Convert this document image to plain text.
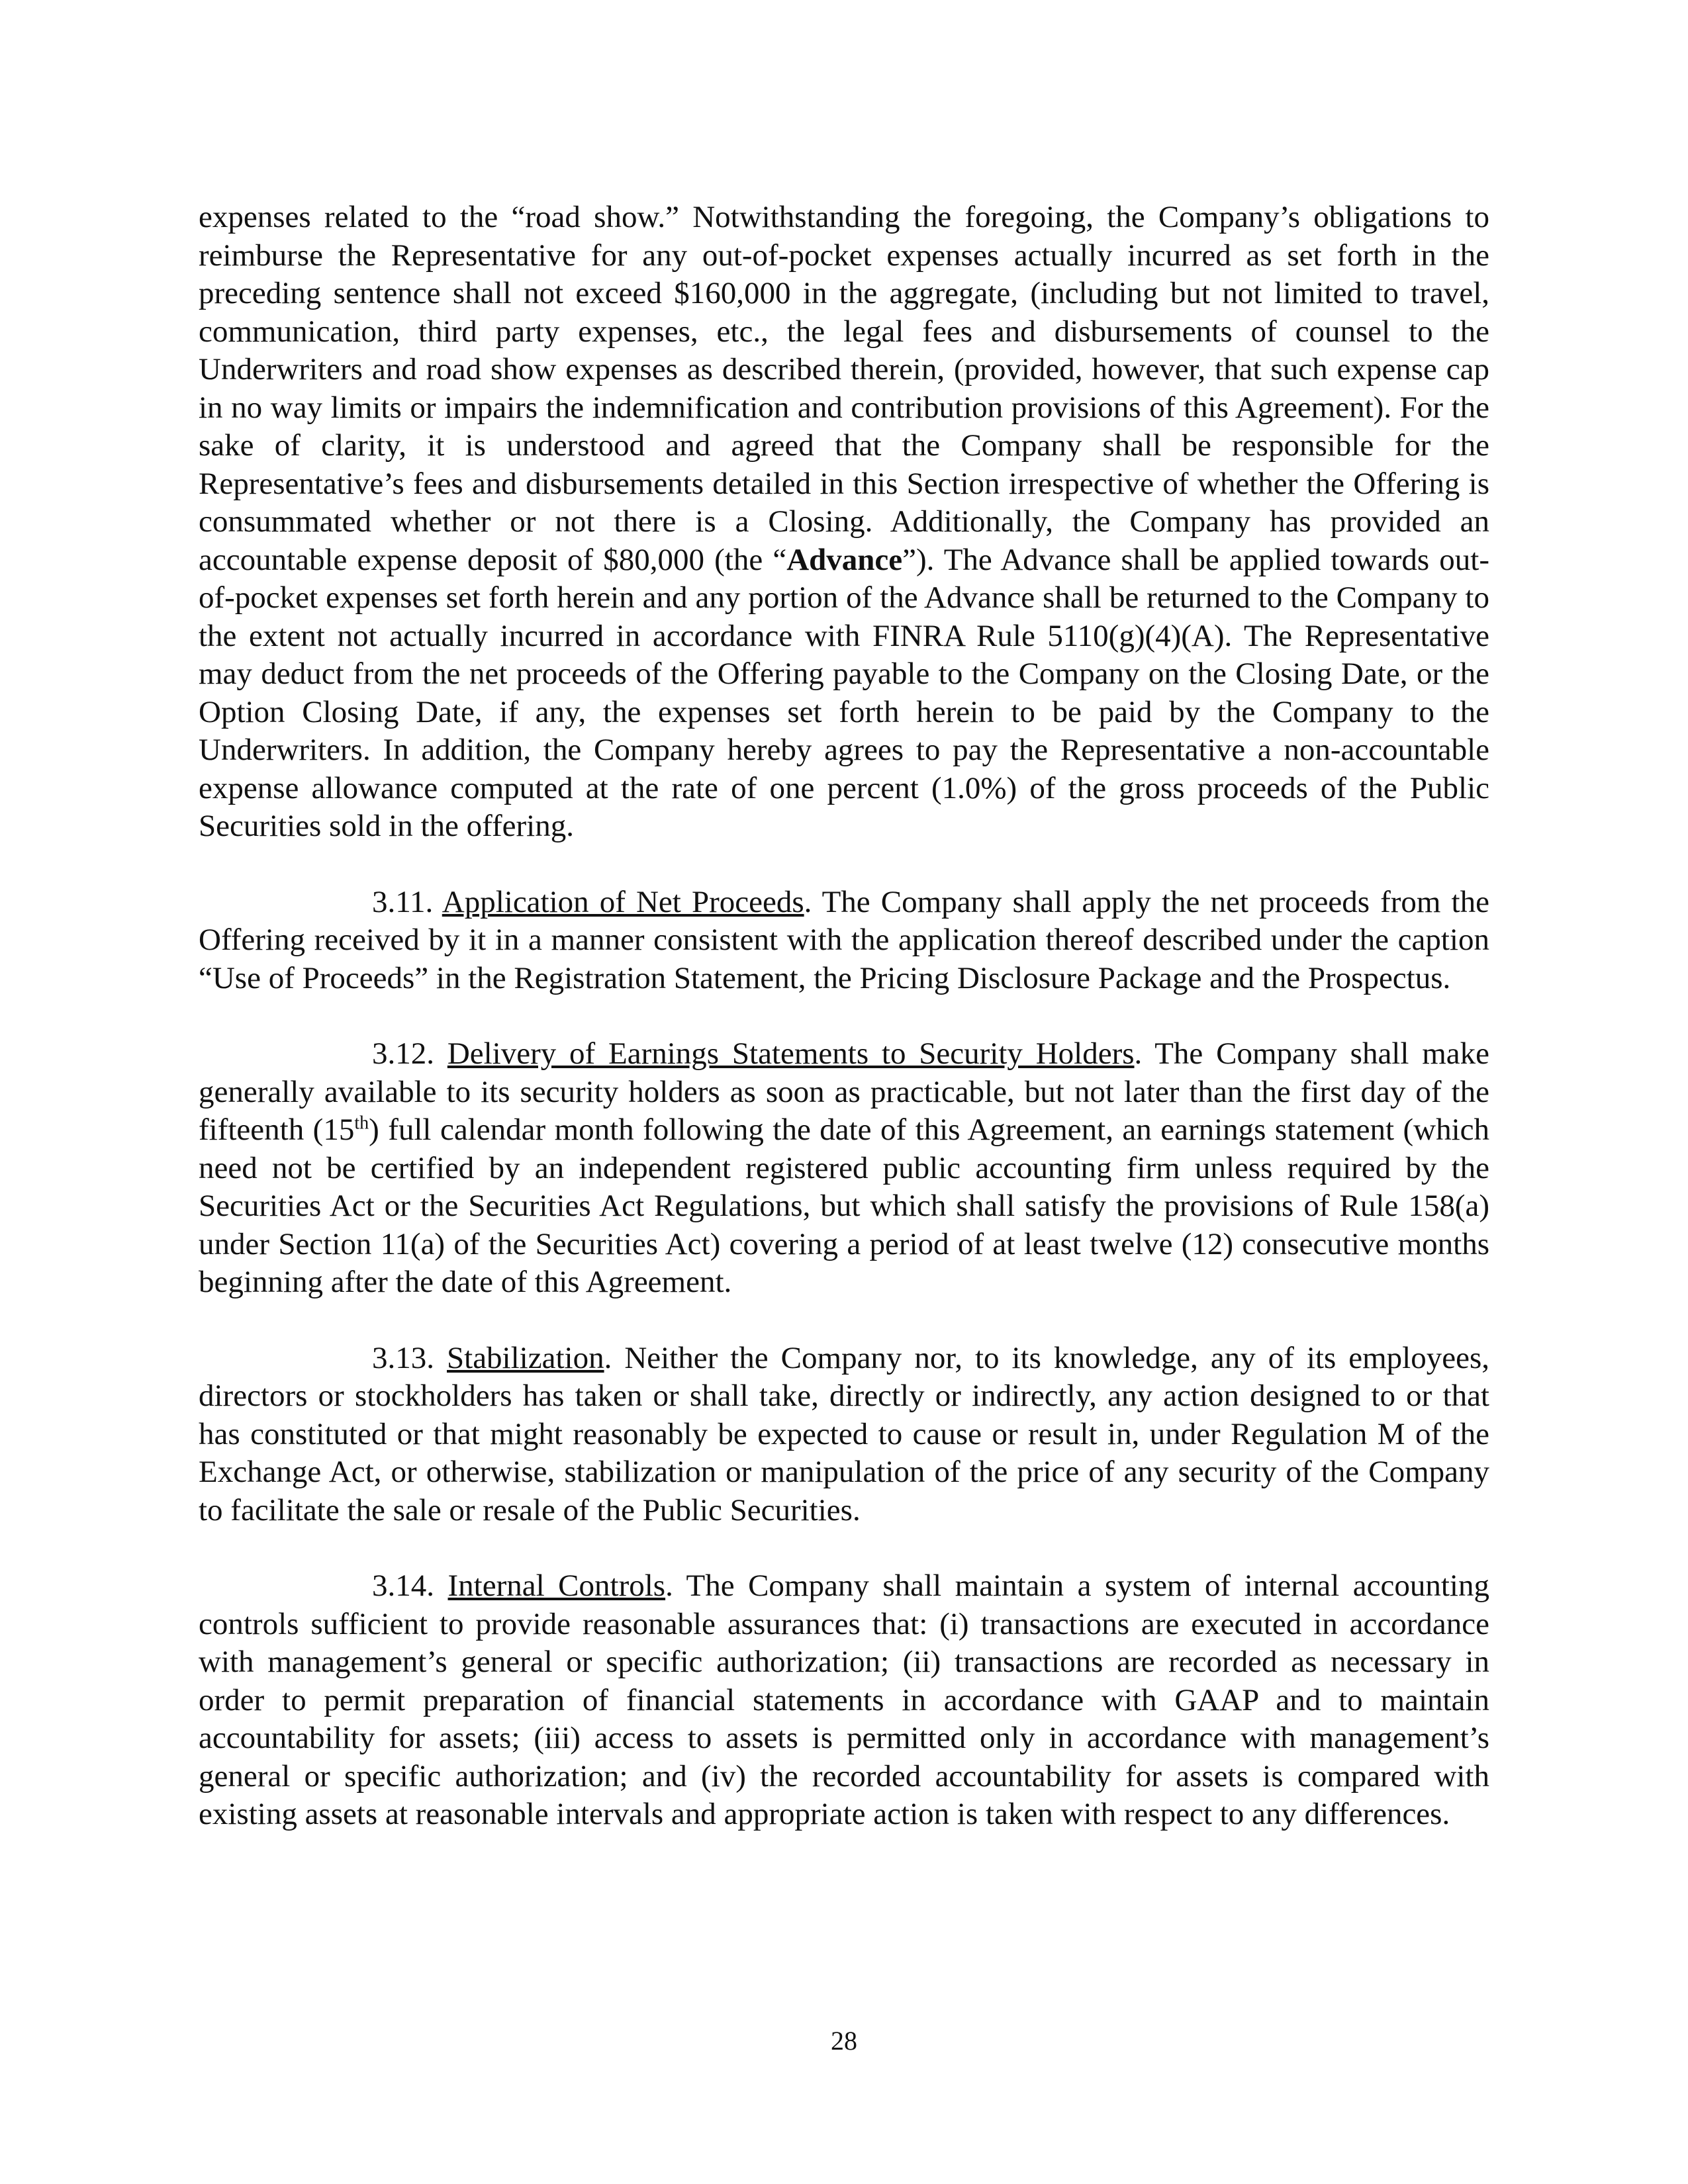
expenses related to the “road show.” Notwithstanding the foregoing, the Company’s obligations to reimburse the Representative for any out-of-pocket expenses actually incurred as set forth in the preceding sentence shall not exceed $160,000 in the aggregate, (including but not limited to travel, communication, third party expenses, etc., the legal fees and disbursements of counsel to the Underwriters and road show expenses as described therein, (provided, however, that such expense cap in no way limits or impairs the indemnification and contribution provisions of this Agreement). For the sake of clarity, it is understood and agreed that the Company shall be responsible for the Representative’s fees and disbursements detailed in this Section irrespective of whether the Offering is consummated whether or not there is a Closing. Additionally, the Company has provided an accountable expense deposit of $80,000 (the “Advance”). The Advance shall be applied towards out-of-pocket expenses set forth herein and any portion of the Advance shall be returned to the Company to the extent not actually incurred in accordance with FINRA Rule 5110(g)(4)(A). The Representative may deduct from the net proceeds of the Offering payable to the Company on the Closing Date, or the Option Closing Date, if any, the expenses set forth herein to be paid by the Company to the Underwriters. In addition, the Company hereby agrees to pay the Representative a non-accountable expense allowance computed at the rate of one percent (1.0%) of the gross proceeds of the Public Securities sold in the offering.

3.11. Application of Net Proceeds. The Company shall apply the net proceeds from the Offering received by it in a manner consistent with the application thereof described under the caption “Use of Proceeds” in the Registration Statement, the Pricing Disclosure Package and the Prospectus.

3.12. Delivery of Earnings Statements to Security Holders. The Company shall make generally available to its security holders as soon as practicable, but not later than the first day of the fifteenth (15th) full calendar month following the date of this Agreement, an earnings statement (which need not be certified by an independent registered public accounting firm unless required by the Securities Act or the Securities Act Regulations, but which shall satisfy the provisions of Rule 158(a) under Section 11(a) of the Securities Act) covering a period of at least twelve (12) consecutive months beginning after the date of this Agreement.

3.13. Stabilization. Neither the Company nor, to its knowledge, any of its employees, directors or stockholders has taken or shall take, directly or indirectly, any action designed to or that has constituted or that might reasonably be expected to cause or result in, under Regulation M of the Exchange Act, or otherwise, stabilization or manipulation of the price of any security of the Company to facilitate the sale or resale of the Public Securities.

3.14. Internal Controls. The Company shall maintain a system of internal accounting controls sufficient to provide reasonable assurances that: (i) transactions are executed in accordance with management’s general or specific authorization; (ii) transactions are recorded as necessary in order to permit preparation of financial statements in accordance with GAAP and to maintain accountability for assets; (iii) access to assets is permitted only in accordance with management’s general or specific authorization; and (iv) the recorded accountability for assets is compared with existing assets at reasonable intervals and appropriate action is taken with respect to any differences.

28
